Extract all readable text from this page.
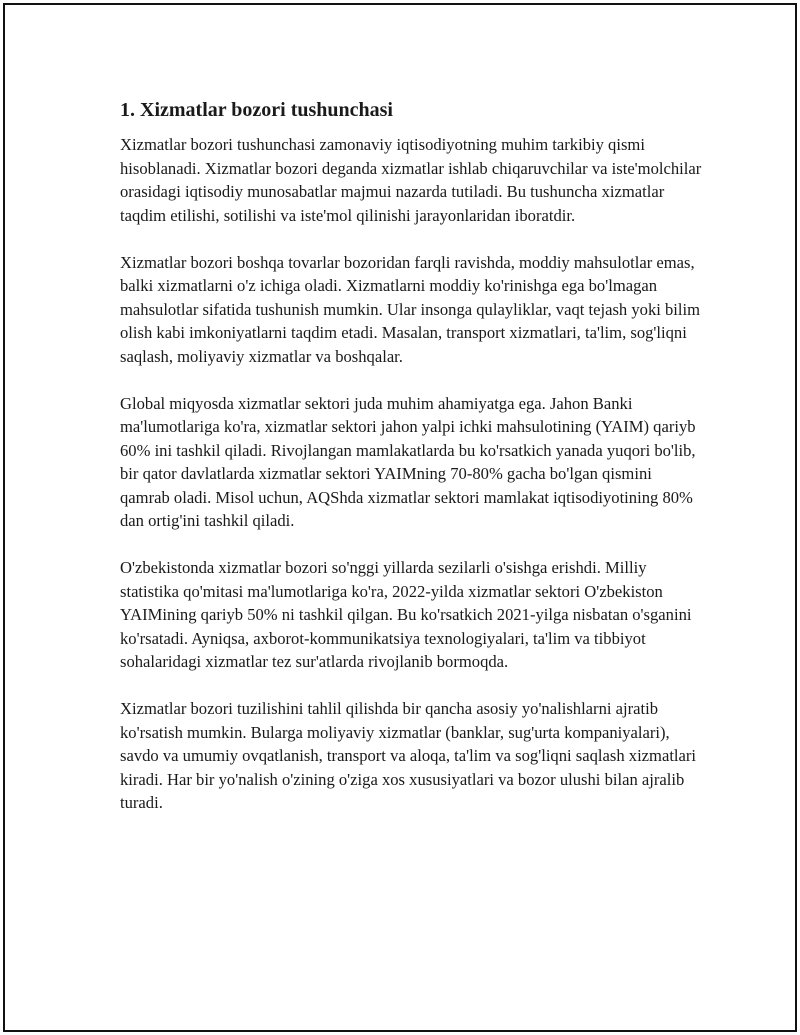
1. Xizmatlar bozori tushunchasi

Xizmatlar bozori tushunchasi zamonaviy iqtisodiyotning muhim tarkibiy qismi hisoblanadi. Xizmatlar bozori deganda xizmatlar ishlab chiqaruvchilar va iste'molchilar orasidagi iqtisodiy munosabatlar majmui nazarda tutiladi. Bu tushuncha xizmatlar taqdim etilishi, sotilishi va iste'mol qilinishi jarayonlaridan iboratdir.

Xizmatlar bozori boshqa tovarlar bozoridan farqli ravishda, moddiy mahsulotlar emas, balki xizmatlarni o'z ichiga oladi. Xizmatlarni moddiy ko'rinishga ega bo'lmagan mahsulotlar sifatida tushunish mumkin. Ular insonga qulayliklar, vaqt tejash yoki bilim olish kabi imkoniyatlarni taqdim etadi. Masalan, transport xizmatlari, ta'lim, sog'liqni saqlash, moliyaviy xizmatlar va boshqalar.

Global miqyosda xizmatlar sektori juda muhim ahamiyatga ega. Jahon Banki ma'lumotlariga ko'ra, xizmatlar sektori jahon yalpi ichki mahsulotining (YAIM) qariyb 60% ini tashkil qiladi. Rivojlangan mamlakatlarda bu ko'rsatkich yanada yuqori bo'lib, bir qator davlatlarda xizmatlar sektori YAIMning 70-80% gacha bo'lgan qismini qamrab oladi. Misol uchun, AQShda xizmatlar sektori mamlakat iqtisodiyotining 80% dan ortig'ini tashkil qiladi.

O'zbekistonda xizmatlar bozori so'nggi yillarda sezilarli o'sishga erishdi. Milliy statistika qo'mitasi ma'lumotlariga ko'ra, 2022-yilda xizmatlar sektori O'zbekiston YAIMining qariyb 50% ni tashkil qilgan. Bu ko'rsatkich 2021-yilga nisbatan o'sganini ko'rsatadi. Ayniqsa, axborot-kommunikatsiya texnologiyalari, ta'lim va tibbiyot sohalaridagi xizmatlar tez sur'atlarda rivojlanib bormoqda.

Xizmatlar bozori tuzilishini tahlil qilishda bir qancha asosiy yo'nalishlarni ajratib ko'rsatish mumkin. Bularga moliyaviy xizmatlar (banklar, sug'urta kompaniyalari), savdo va umumiy ovqatlanish, transport va aloqa, ta'lim va sog'liqni saqlash xizmatlari kiradi. Har bir yo'nalish o'zining o'ziga xos xususiyatlari va bozor ulushi bilan ajralib turadi.
